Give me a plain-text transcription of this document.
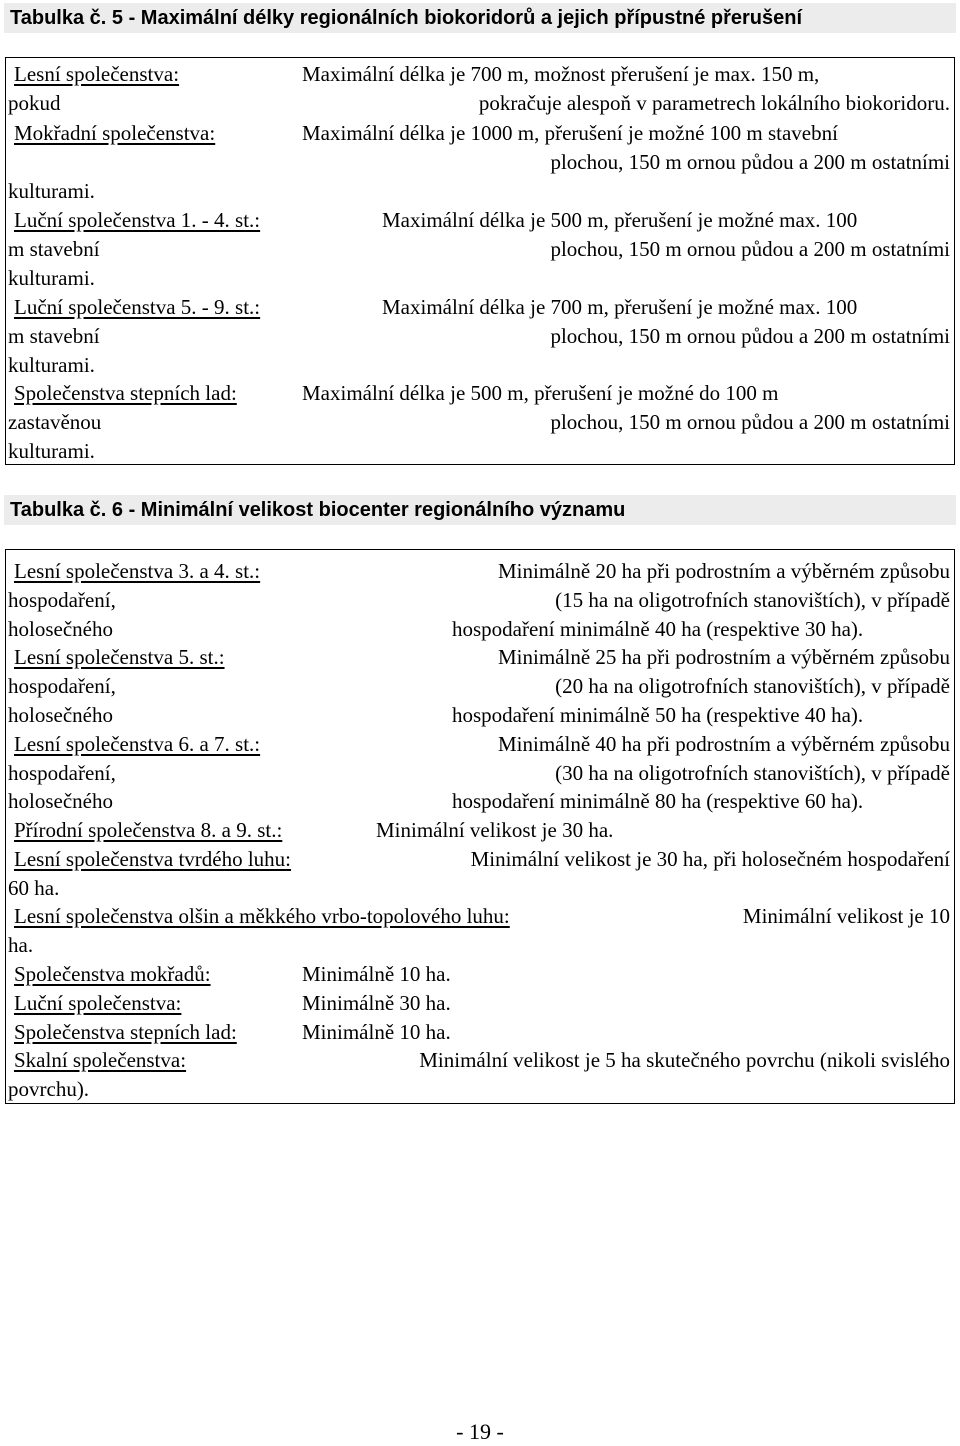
Tabulka č. 5 - Maximální délky regionálních biokoridorů a jejich přípustné přerušení
Lesní společenstva:	Maximální délka je 700 m, možnost přerušení je max. 150 m,
pokud	pokračuje alespoň v parametrech lokálního biokoridoru.
Mokřadní společenstva:	Maximální délka je 1000 m, přerušení je možné 100 m stavební
plochou, 150 m ornou půdou a 200 m ostatními
kulturami.
Luční společenstva 1. - 4. st.:	Maximální délka je 500 m, přerušení je možné max. 100
m stavební	plochou, 150 m ornou půdou a 200 m ostatními
kulturami.
Luční společenstva 5. - 9. st.:	Maximální délka je 700 m, přerušení je možné max. 100
m stavební	plochou, 150 m ornou půdou a 200 m ostatními
kulturami.
Společenstva stepních lad:	Maximální délka je 500 m, přerušení je možné do 100 m
zastavěnou	plochou, 150 m ornou půdou a 200 m ostatními
kulturami.
Tabulka č. 6 - Minimální velikost biocenter regionálního významu
Lesní společenstva 3. a 4. st.:	Minimálně 20 ha při podrostním a výběrném způsobu
hospodaření,	(15 ha na oligotrofních stanovištích), v případě
holosečného	hospodaření minimálně 40 ha (respektive 30 ha).
Lesní společenstva 5. st.:	Minimálně 25 ha při podrostním a výběrném způsobu
hospodaření,	(20 ha na oligotrofních stanovištích), v případě
holosečného	hospodaření minimálně 50 ha (respektive 40 ha).
Lesní společenstva 6. a 7. st.:	Minimálně 40 ha při podrostním a výběrném způsobu
hospodaření,	(30 ha na oligotrofních stanovištích), v případě
holosečného	hospodaření minimálně 80 ha (respektive 60 ha).
Přírodní společenstva 8. a 9. st.:	Minimální velikost je 30 ha.
Lesní společenstva tvrdého luhu:	Minimální velikost je 30 ha, při holosečném hospodaření
60 ha.
Lesní společenstva olšin a měkkého vrbo-topolového luhu:	Minimální velikost je 10
ha.
Společenstva mokřadů:	Minimálně 10 ha.
Luční společenstva:	Minimálně 30 ha.
Společenstva stepních lad:	Minimálně 10 ha.
Skalní společenstva:	Minimální velikost je 5 ha skutečného povrchu (nikoli svislého
povrchu).
- 19 -
